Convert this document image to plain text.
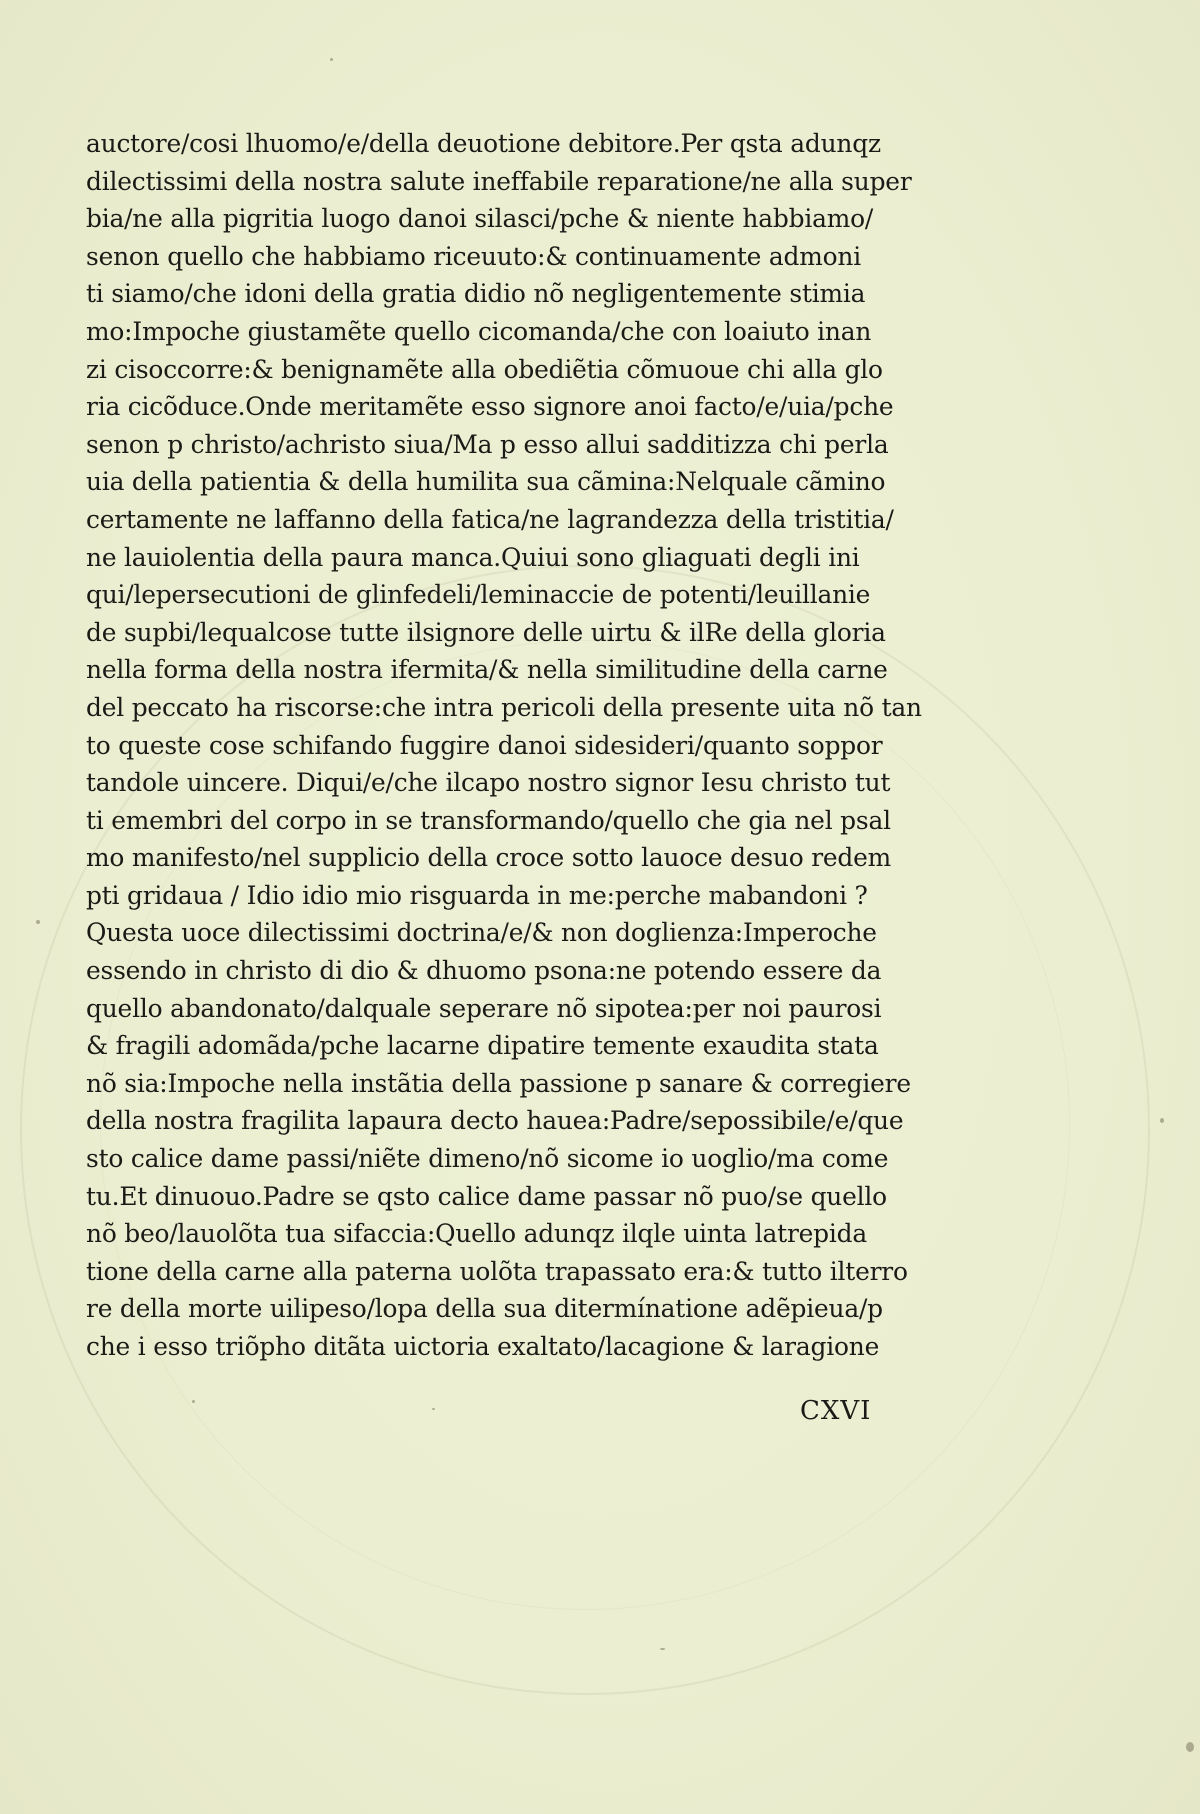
auctore/cosi lhuomo/e/della deuotione debitore.Per qsta adunqz
dilectissimi della nostra salute ineffabile reparatione/ne alla super
bia/ne alla pigritia luogo danoi silasci/pche & niente habbiamo/
senon quello che habbiamo riceuuto:& continuamente admoni
ti siamo/che idoni della gratia didio nõ negligentemente stimia
mo:Impoche giustamẽte quello cicomanda/che con loaiuto inan
zi cisoccorre:& benignamẽte alla obediẽtia cõmuoue chi alla glo
ria cicõduce.Onde meritamẽte esso signore anoi facto/e/uia/pche
senon p christo/achristo siua/Ma p esso allui sadditizza chi perla
uia della patientia & della humilita sua cãmina:Nelquale cãmino
certamente ne laffanno della fatica/ne lagrandezza della tristitia/
ne lauiolentia della paura manca.Quiui sono gliaguati degli ini
qui/lepersecutioni de glinfedeli/leminaccie de potenti/leuillanie
de supbi/lequalcose tutte ilsignore delle uirtu & ilRe della gloria
nella forma della nostra ifermita/& nella similitudine della carne
del peccato ha riscorse:che intra pericoli della presente uita nõ tan
to queste cose schifando fuggire danoi sidesideri/quanto soppor
tandole uincere. Diqui/e/che ilcapo nostro signor Iesu christo tut
ti emembri del corpo in se transformando/quello che gia nel psal
mo manifesto/nel supplicio della croce sotto lauoce desuo redem
pti gridaua / Idio idio mio risguarda in me:perche mabandoni ?
Questa uoce dilectissimi doctrina/e/& non doglienza:Imperoche
essendo in christo di dio & dhuomo psona:ne potendo essere da
quello abandonato/dalquale seperare nõ sipotea:per noi paurosi
& fragili adomãda/pche lacarne dipatire temente exaudita stata
nõ sia:Impoche nella instãtia della passione p sanare & corregiere
della nostra fragilita lapaura decto hauea:Padre/sepossibile/e/que
sto calice dame passi/niẽte dimeno/nõ sicome io uoglio/ma come
tu.Et dinuouo.Padre se qsto calice dame passar nõ puo/se quello
nõ beo/lauolõta tua sifaccia:Quello adunqz ilqle uinta latrepida
tione della carne alla paterna uolõta trapassato era:& tutto ilterro
re della morte uilipeso/lopa della sua ditermínatione adẽpieua/p
che i esso triõpho ditãta uictoria exaltato/lacagione & laragione
CXVI
